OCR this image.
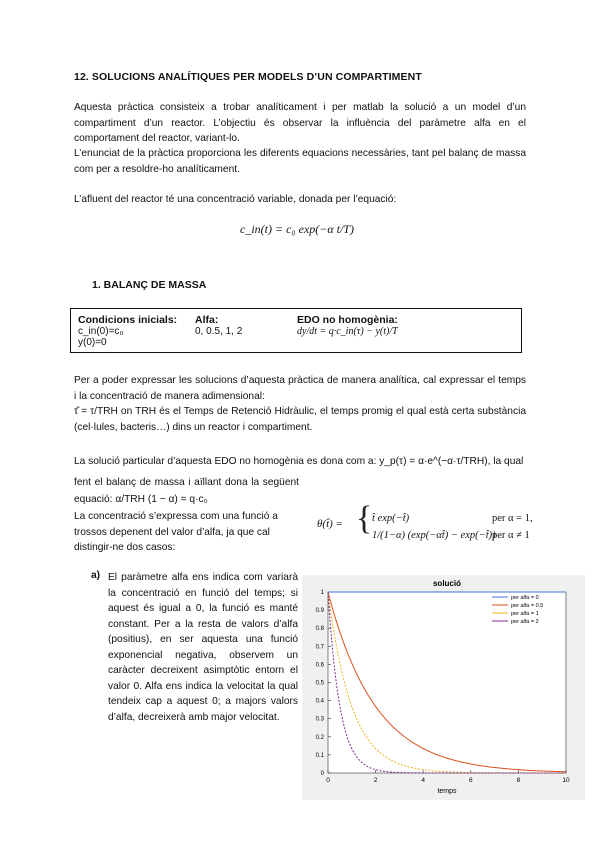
12. SOLUCIONS ANALÍTIQUES PER MODELS D’UN COMPARTIMENT
Aquesta pràctica consisteix a trobar analíticament i per matlab la solució a un model d’un compartiment d’un reactor. L’objectiu és observar la influència del paràmetre alfa en el comportament del reactor, variant-lo.
L’enunciat de la pràctica proporciona les diferents equacions necessàries, tant pel balanç de massa com per a resoldre-ho analíticament.
L’afluent del reactor té una concentració variable, donada per l’equació:
c_in(t) = c₀ exp(−α t/T)
1. BALANÇ DE MASSA
Condicions inicials:
c_in(0)=c₀
y(0)=0
Alfa:
0, 0.5, 1, 2
EDO no homogènia:
dy/dt = q·c_in(τ) − y(t)/T
Per a poder expressar les solucions d’aquesta pràctica de manera analítica, cal expressar el temps i la concentració de manera adimensional:
τ̂ = τ/TRH on TRH és el Temps de Retenció Hidràulic, el temps promig el qual està certa substància (cel·lules, bacteris…) dins un reactor i compartiment.
La solució particular d’aquesta EDO no homogènia es dona com a: y_p(τ) = α·e^(−α·τ/TRH), la qual
fent el balanç de massa i aïllant dona la següent equació: α/TRH (1 − α) = q·c₀
La concentració s’expressa com una funció a trossos depenent del valor d’alfa, ja que cal distingir-ne dos casos:
θ(t̂) = { t̂ exp(−t̂)	per α = 1,
1/(1−α) (exp(−αt̂) − exp(−t̂))
per α ≠ 1
a) El paràmetre alfa ens indica com variarà la concentració en funció del temps; si aquest és igual a 0, la funció es manté constant. Per a la resta de valors d’alfa (positius), en ser aquesta una funció exponencial negativa, observem un caràcter decreixent asimptòtic entorn el valor 0. Alfa ens indica la velocitat la qual tendeix cap a aquest 0; a majors valors d’alfa, decreixerà amb major velocitat.
solució
temps
0	2	4	6	8	10
0
0.1
0.2
0.3
0.4
0.5
0.6
0.7
0.8
0.9
1
per alfa = 0
per alfa = 0.5
per alfa = 1
per alfa = 2
